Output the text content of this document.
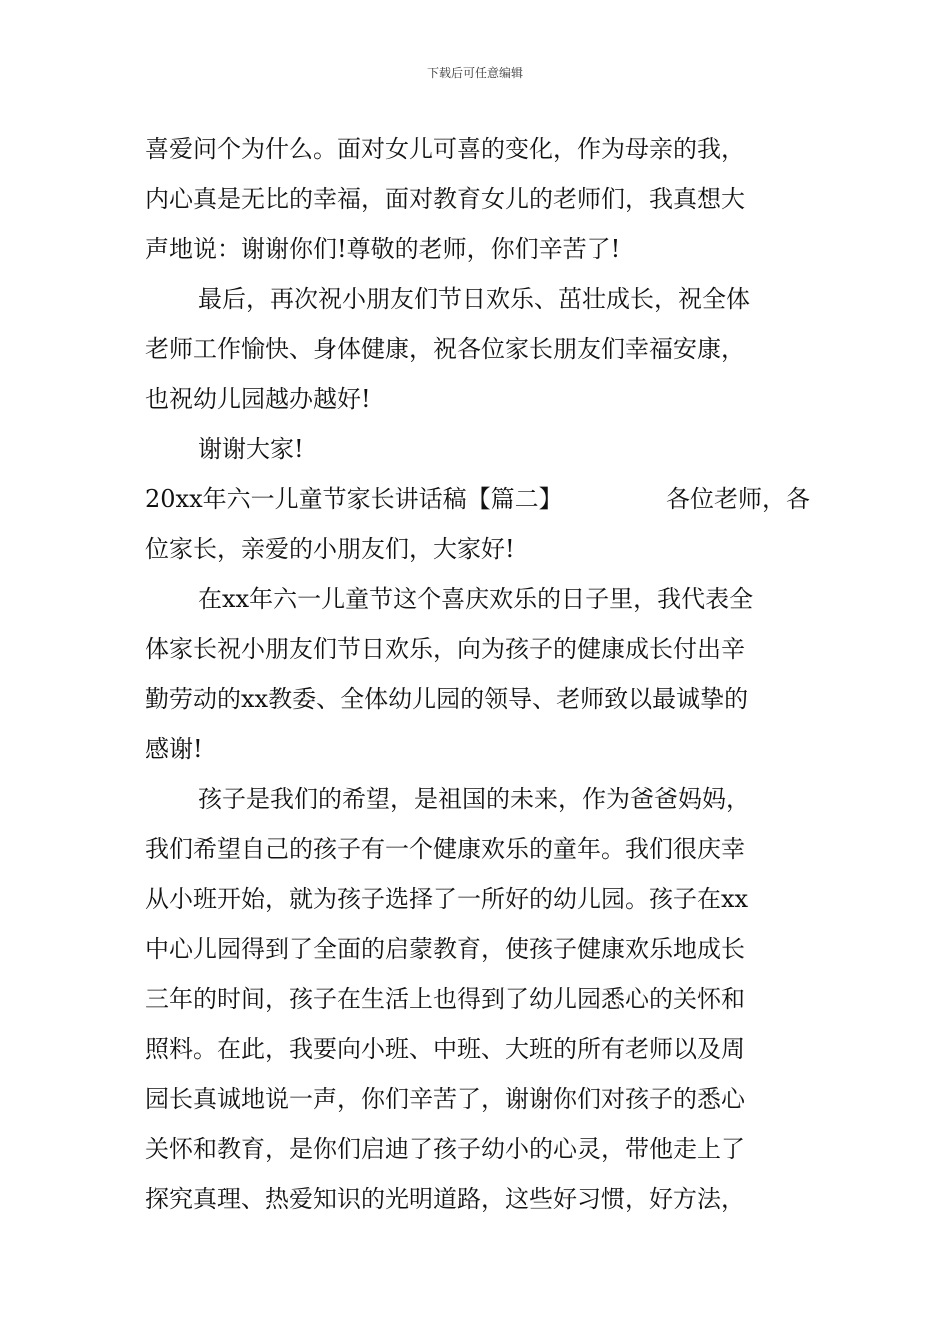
下载后可任意编辑
喜爱问个为什么。面对女儿可喜的变化，作为母亲的我，
内心真是无比的幸福，面对教育女儿的老师们，我真想大
声地说：谢谢你们!尊敬的老师，你们辛苦了!
最后，再次祝小朋友们节日欢乐、茁壮成长，祝全体
老师工作愉快、身体健康，祝各位家长朋友们幸福安康，
也祝幼儿园越办越好!
谢谢大家!
20xx年六一儿童节家长讲话稿【篇二】	各位老师，各
位家长，亲爱的小朋友们，大家好!
在xx年六一儿童节这个喜庆欢乐的日子里，我代表全
体家长祝小朋友们节日欢乐，向为孩子的健康成长付出辛
勤劳动的xx教委、全体幼儿园的领导、老师致以最诚挚的
感谢!
孩子是我们的希望，是祖国的未来，作为爸爸妈妈，
我们希望自己的孩子有一个健康欢乐的童年。我们很庆幸
从小班开始，就为孩子选择了一所好的幼儿园。孩子在xx
中心儿园得到了全面的启蒙教育，使孩子健康欢乐地成长
三年的时间，孩子在生活上也得到了幼儿园悉心的关怀和
照料。在此，我要向小班、中班、大班的所有老师以及周
园长真诚地说一声，你们辛苦了，谢谢你们对孩子的悉心
关怀和教育，是你们启迪了孩子幼小的心灵，带他走上了
探究真理、热爱知识的光明道路，这些好习惯，好方法，
